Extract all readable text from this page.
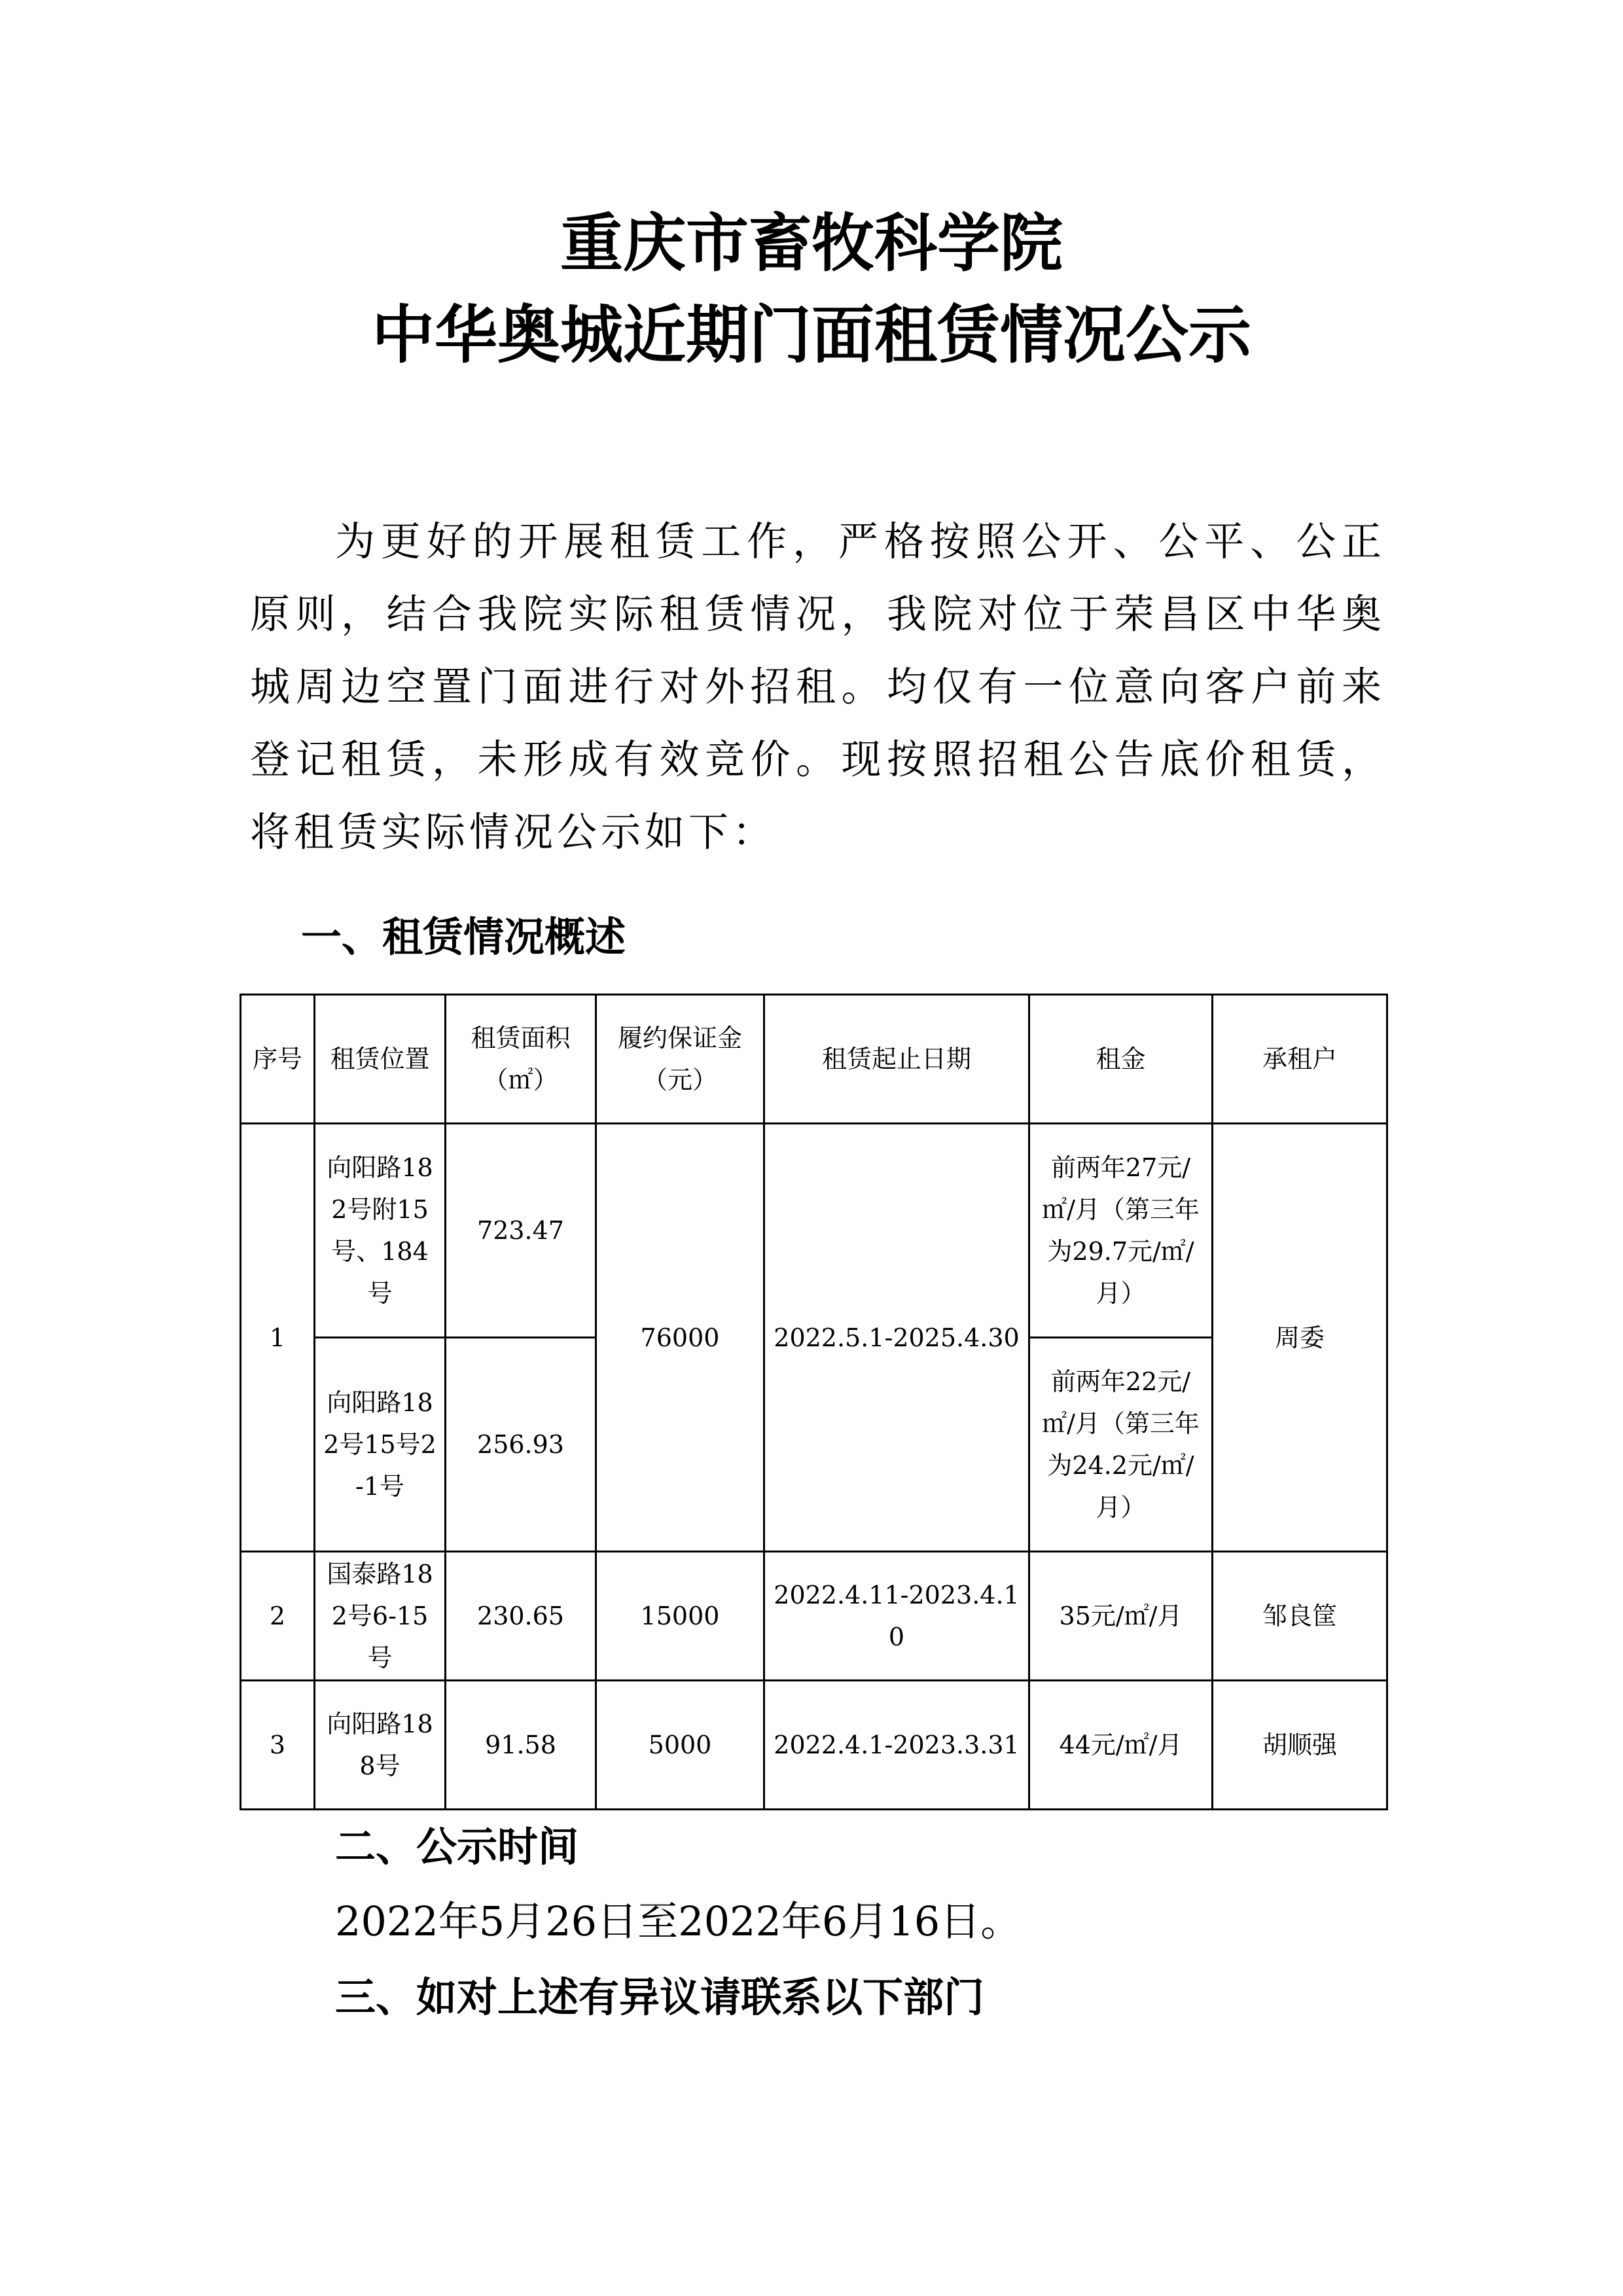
重庆市畜牧科学院
中华奥城近期门面租赁情况公示

为更好的开展租赁工作，严格按照公开、公平、公正原则，结合我院实际租赁情况，我院对位于荣昌区中华奥城周边空置门面进行对外招租。均仅有一位意向客户前来登记租赁，未形成有效竞价。现按照招租公告底价租赁，将租赁实际情况公示如下：

一、租赁情况概述
序号	租赁位置	租赁面积（㎡）	履约保证金（元）	租赁起止日期	租金	承租户
1	向阳路182号附15号、184号	723.47	76000	2022.5.1-2025.4.30	前两年27元/㎡/月（第三年为29.7元/㎡/月）	周委
	向阳路182号15号2-1号	256.93			前两年22元/㎡/月（第三年为24.2元/㎡/月）	
2	国泰路182号6-15号	230.65	15000	2022.4.11-2023.4.10	35元/㎡/月	邹良筐
3	向阳路188号	91.58	5000	2022.4.1-2023.3.31	44元/㎡/月	胡顺强
二、公示时间
2022年5月26日至2022年6月16日。
三、如对上述有异议请联系以下部门
